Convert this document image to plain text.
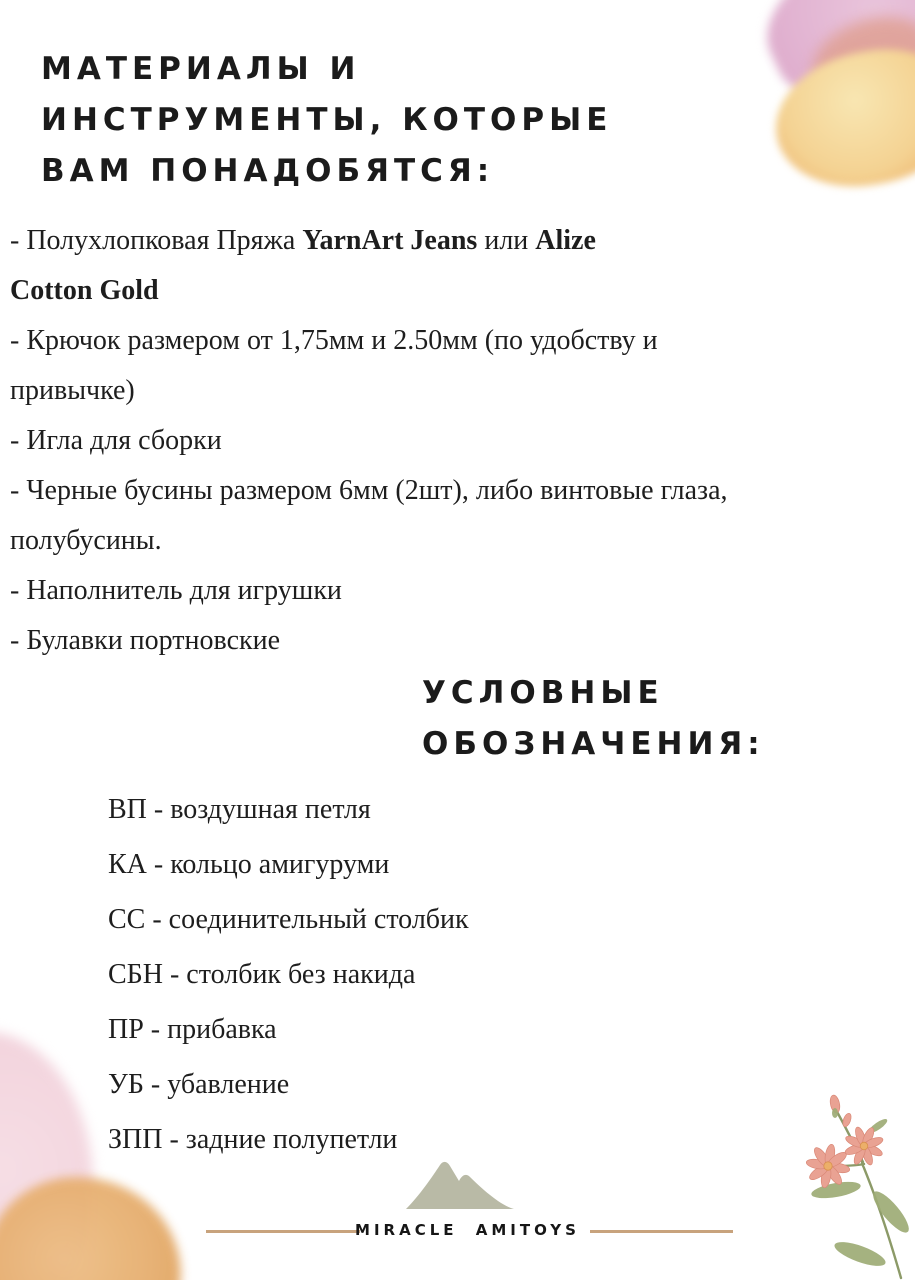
МАТЕРИАЛЫ И
ИНСТРУМЕНТЫ, КОТОРЫЕ
ВАМ ПОНАДОБЯТСЯ:
- Полухлопковая Пряжа YarnArt Jeans или Alize
Cotton Gold
- Крючок размером от 1,75мм и 2.50мм (по удобству и
привычке)
- Игла для сборки
- Черные бусины размером 6мм (2шт), либо винтовые глаза,
полубусины.
- Наполнитель для игрушки
- Булавки портновские
УСЛОВНЫЕ
ОБОЗНАЧЕНИЯ:
ВП - воздушная петля
КА - кольцо амигуруми
СС - соединительный столбик
СБН - столбик без накида
ПР - прибавка
УБ - убавление
ЗПП - задние полупетли
MIRACLE AMITOYS
